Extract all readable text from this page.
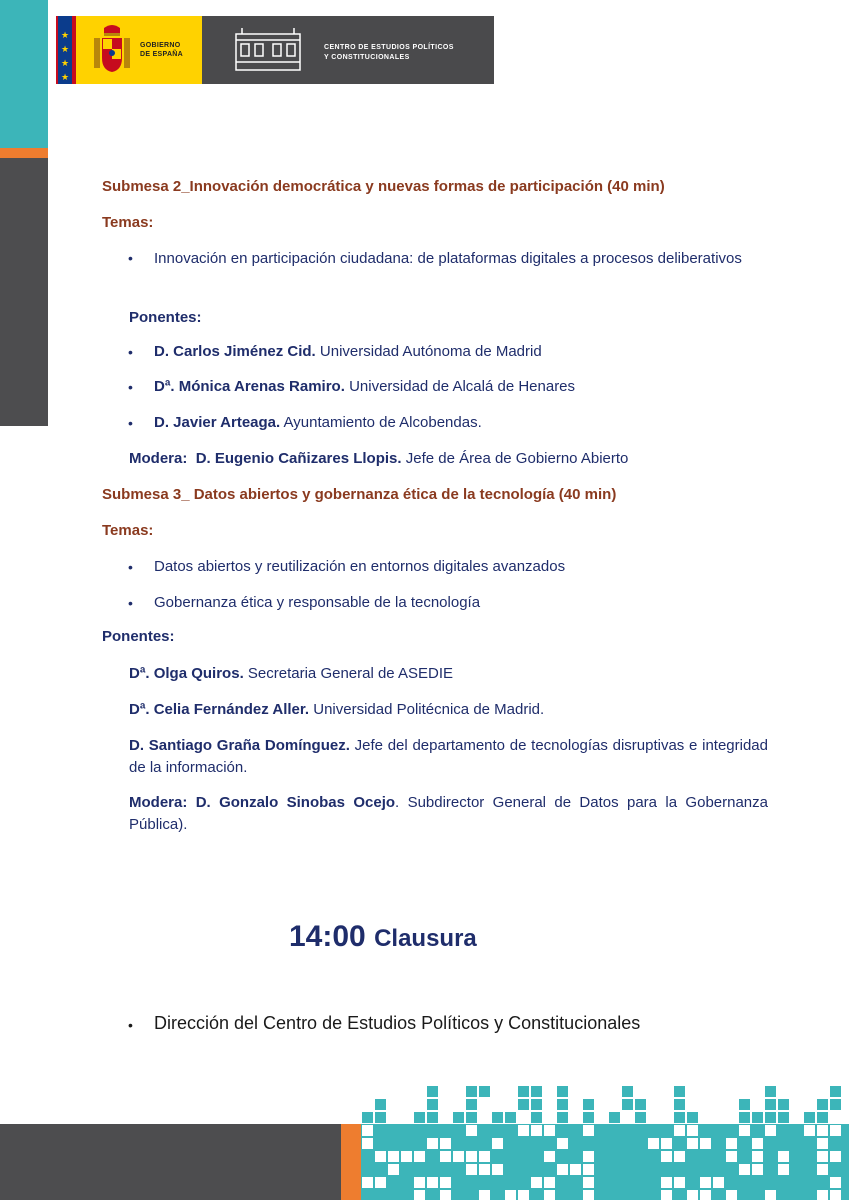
★
★
★
★
GOBIERNO
DE ESPAÑA
CENTRO DE ESTUDIOS POLÍTICOS
Y CONSTITUCIONALES

Submesa 2_Innovación democrática y nuevas formas de participación (40 min)

Temas:

• Innovación en participación ciudadana: de plataformas digitales a procesos deliberativos

Ponentes:

• D. Carlos Jiménez Cid. Universidad Autónoma de Madrid

• Dª. Mónica Arenas Ramiro. Universidad de Alcalá de Henares

• D. Javier Arteaga. Ayuntamiento de Alcobendas.

Modera: D. Eugenio Cañizares Llopis. Jefe de Área de Gobierno Abierto

Submesa 3_ Datos abiertos y gobernanza ética de la tecnología (40 min)

Temas:

• Datos abiertos y reutilización en entornos digitales avanzados

• Gobernanza ética y responsable de la tecnología

Ponentes:

Dª. Olga Quiros. Secretaria General de ASEDIE

Dª. Celia Fernández Aller. Universidad Politécnica de Madrid.

D. Santiago Graña Domínguez. Jefe del departamento de tecnologías disruptivas e integridad de la información.

Modera: D. Gonzalo Sinobas Ocejo. Subdirector General de Datos para la Gobernanza Pública).

14:00 Clausura
• Dirección del Centro de Estudios Políticos y Constitucionales
